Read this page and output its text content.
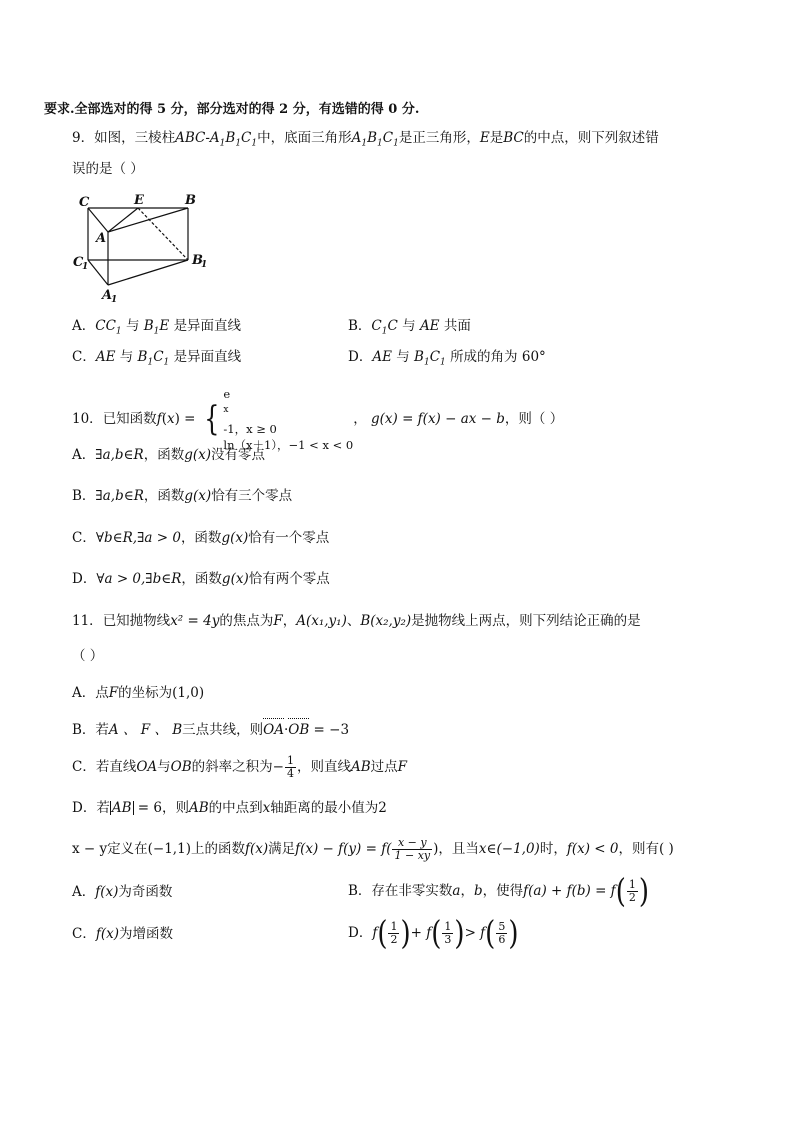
要求.全部选对的得 5 分，部分选对的得 2 分，有选错的得 0 分.
9．如图，三棱柱ABC-$A_1B_1C_1$中，底面三角形$A_1B_1C_1$是正三角形，E是BC的中点，则下列叙述错
误的是（ ）
C	E	B
A
C
1	B
1
A
1
A．$CC_1$ 与 $B_1E$ 是异面直线	B．$C_1C$ 与 AE 共面
C．AE 与 $B_1C_1$ 是异面直线	D．AE 与 $B_1C_1$ 所成的角为 60°
10．已知函数f(x) = {
e
$^x$
-1，x ≥ 0
ln（x＋1），−1 < x < 0
， g(x) = f(x) − ax − b，则（ ）
A．∃a,b∈R，函数g(x)没有零点
B．∃a,b∈R，函数g(x)恰有三个零点
C．∀b∈R,∃a > 0，函数g(x)恰有一个零点
D．∀a > 0,∃b∈R，函数g(x)恰有两个零点
11．已知抛物线x² = 4y的焦点为F，A(x₁,y₁)、B(x₂,y₂)是抛物线上两点，则下列结论正确的是
（ ）
A．点F的坐标为(1,0)
B．若A 、 F 、 B三点共线，则OA·OB = −3
C．若直线OA与OB的斜率之积为− $\frac{1}{4}$ ，则直线AB过点F
D．若 AB = 6，则AB的中点到x轴距离的最小值为2
x − y定义在(−1,1)上的函数f(x)满足$f(x) - f(y) = f( \frac{x - y}{1 - xy}$ )，且当x∈(−1,0)时，f(x) < 0，则有( )
A．f(x)为奇函数	B．存在非零实数a，b，使得$f(a) + f(b) = f( \frac{1}{2}$ )
C．f(x)为增函数	D．$f( \frac{1}{2}$ )+ $f( \frac{1}{3}$ )> $f( \frac{5}{6}$ )
